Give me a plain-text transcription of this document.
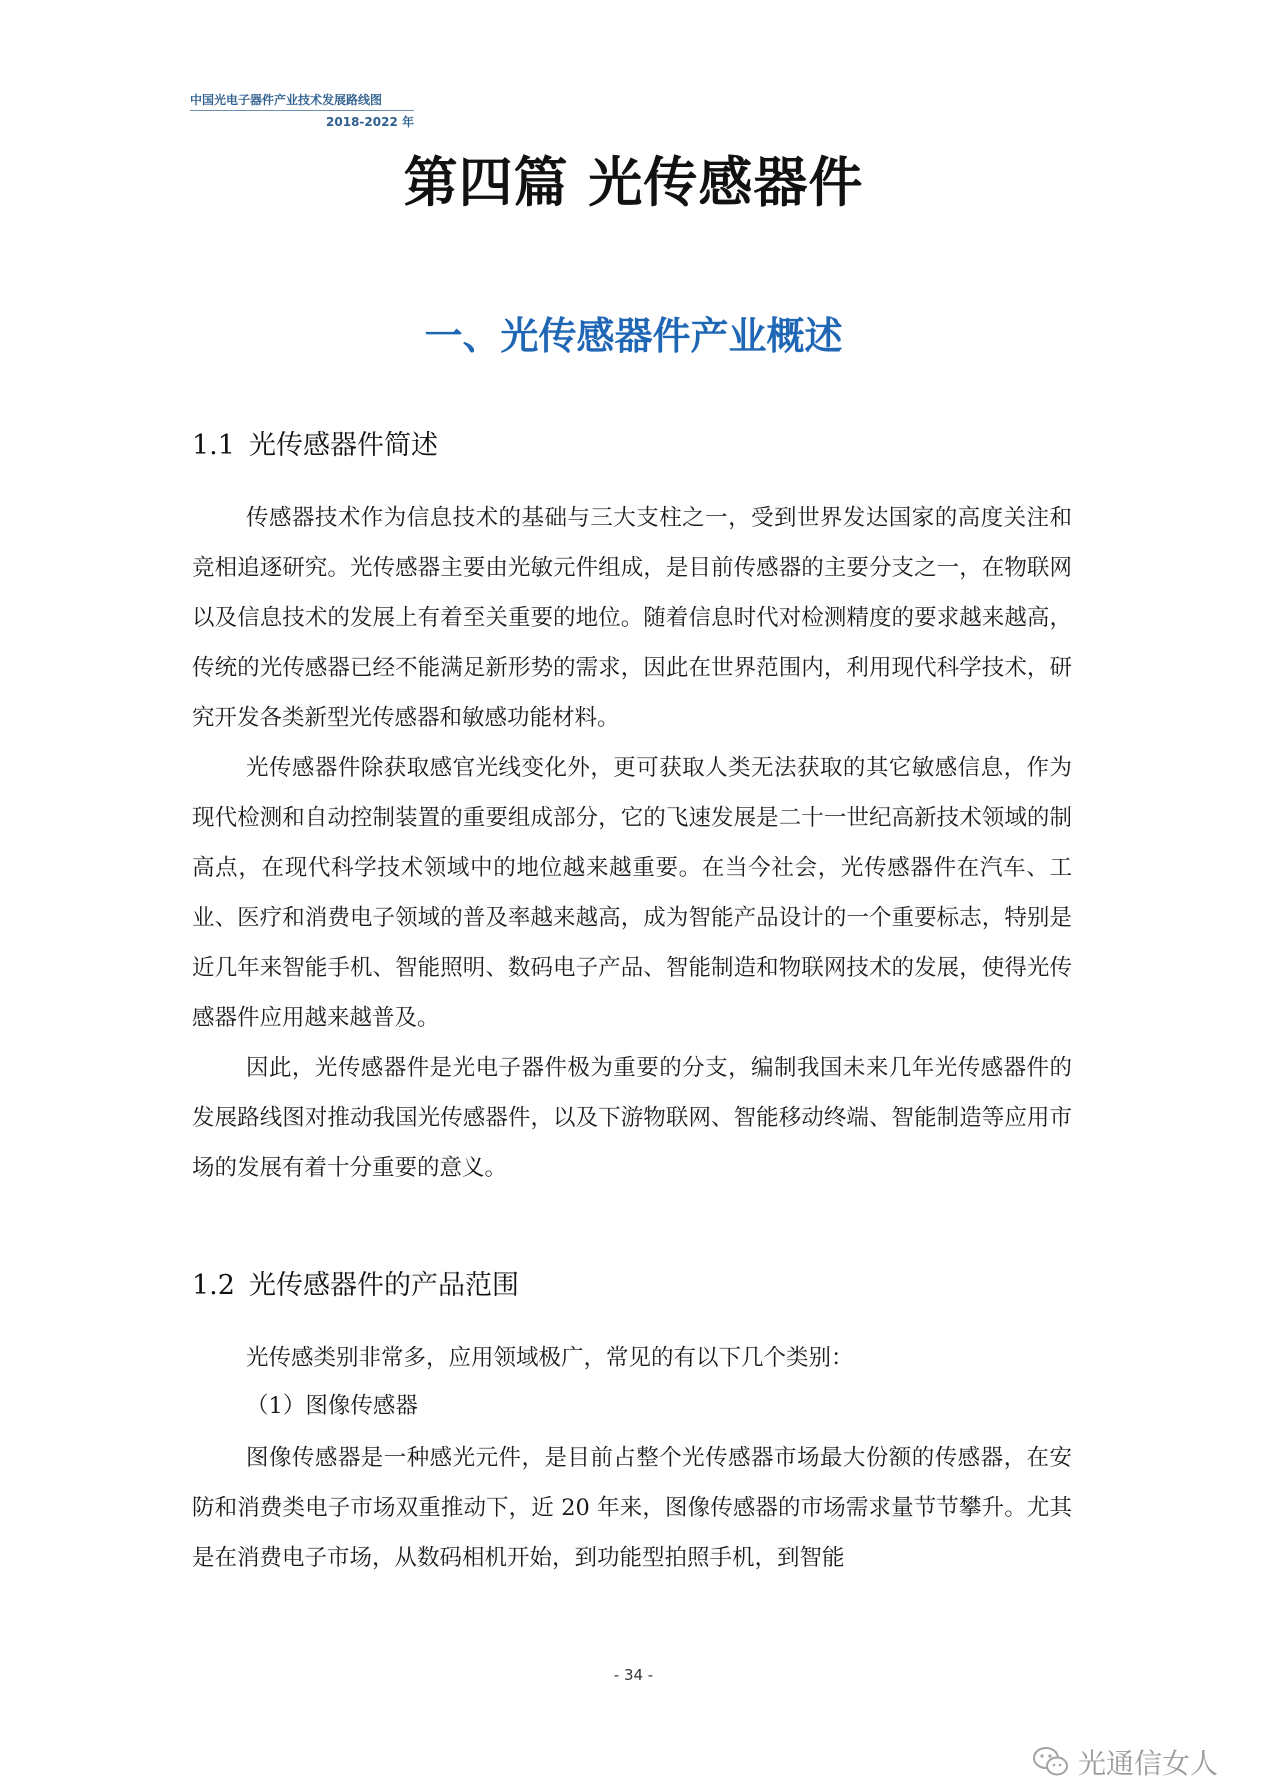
中国光电子器件产业技术发展路线图
2018-2022 年
第四篇 光传感器件
一、光传感器件产业概述
1.1 光传感器件简述

传感器技术作为信息技术的基础与三大支柱之一，受到世界发达国家的高度关注和竞相追逐研究。光传感器主要由光敏元件组成，是目前传感器的主要分支之一，在物联网以及信息技术的发展上有着至关重要的地位。随着信息时代对检测精度的要求越来越高，传统的光传感器已经不能满足新形势的需求，因此在世界范围内，利用现代科学技术，研究开发各类新型光传感器和敏感功能材料。

光传感器件除获取感官光线变化外，更可获取人类无法获取的其它敏感信息，作为现代检测和自动控制装置的重要组成部分，它的飞速发展是二十一世纪高新技术领域的制高点，在现代科学技术领域中的地位越来越重要。在当今社会，光传感器件在汽车、工业、医疗和消费电子领域的普及率越来越高，成为智能产品设计的一个重要标志，特别是近几年来智能手机、智能照明、数码电子产品、智能制造和物联网技术的发展，使得光传感器件应用越来越普及。

因此，光传感器件是光电子器件极为重要的分支，编制我国未来几年光传感器件的发展路线图对推动我国光传感器件，以及下游物联网、智能移动终端、智能制造等应用市场的发展有着十分重要的意义。

1.2 光传感器件的产品范围

光传感类别非常多，应用领域极广，常见的有以下几个类别：

（1）图像传感器

图像传感器是一种感光元件，是目前占整个光传感器市场最大份额的传感器，在安防和消费类电子市场双重推动下，近 20 年来，图像传感器的市场需求量节节攀升。尤其是在消费电子市场，从数码相机开始，到功能型拍照手机，到智能

- 34 -
光通信女人
